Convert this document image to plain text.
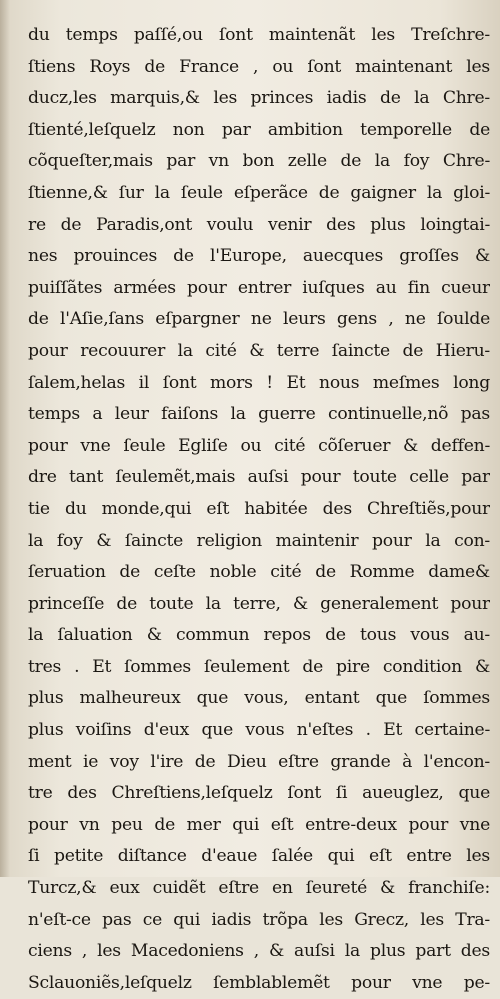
du temps paſſé,ou ſont maintenãt les Treſchre-
ſtiens Roys de France , ou ſont maintenant les
ducz,les marquis,& les princes iadis de la Chre-
ſtienté,leſquelz non par ambition temporelle de
cõqueſter,mais par vn bon zelle de la foy Chre-
ſtienne,& ſur la ſeule eſperãce de gaigner la gloi-
re de Paradis,ont voulu venir des plus loingtai-
nes prouinces de l'Europe, auecques groſſes &
puiſſãtes armées pour entrer iuſques au fin cueur
de l'Aſie,ſans eſpargner ne leurs gens , ne ſoulde
pour recouurer la cité & terre ſaincte de Hieru-
ſalem,helas il ſont mors ! Et nous meſmes long
temps a leur faiſons la guerre continuelle,nõ pas
pour vne ſeule Egliſe ou cité cõſeruer & deffen-
dre tant ſeulemẽt,mais auſsi pour toute celle par
tie du monde,qui eſt habitée des Chreſtiẽs,pour
la foy & ſaincte religion maintenir pour la con-
ſeruation de ceſte noble cité de Romme dame&
princeſſe de toute la terre, & generalement pour
la ſaluation & commun repos de tous vous au-
tres . Et ſommes ſeulement de pire condition &
plus malheureux que vous, entant que ſommes
plus voiſins d'eux que vous n'eſtes . Et certaine-
ment ie voy l'ire de Dieu eſtre grande à l'encon-
tre des Chreſtiens,leſquelz ſont ſi aueuglez, que
pour vn peu de mer qui eſt entre-deux pour vne
ſi petite diſtance d'eaue ſalée qui eſt entre les
Turcz,& eux cuidẽt eſtre en ſeureté & franchiſe:
n'eſt-ce pas ce qui iadis trõpa les Grecz, les Tra-
ciens , les Macedoniens , & auſsi la plus part des
Sclauoniẽs,leſquelz ſemblablemẽt pour vne pe-
